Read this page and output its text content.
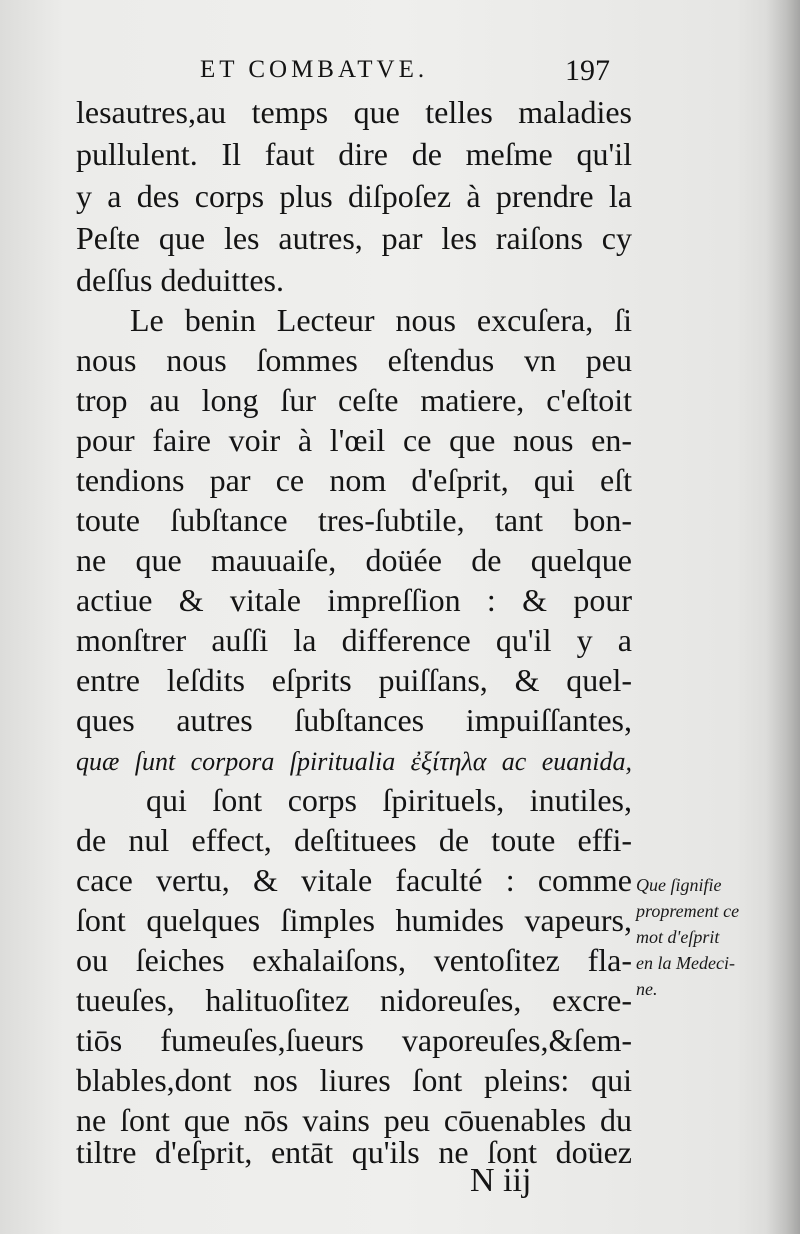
ET COMBATVE.	197
lesautres,au temps que telles maladies
pullulent. Il faut dire de meſme qu'il
y a des corps plus diſpoſez à prendre la
Peſte que les autres, par les raiſons cy
deſſus deduittes.
Le benin Lecteur nous excuſera, ſi
nous nous ſommes eſtendus vn peu
trop au long ſur ceſte matiere, c'eſtoit
pour faire voir à l'œil ce que nous en-
tendions par ce nom d'eſprit, qui eſt
toute ſubſtance tres-ſubtile, tant bon-
ne que mauuaiſe, doüée de quelque
actiue & vitale impreſſion : & pour
monſtrer auſſi la difference qu'il y a
entre leſdits eſprits puiſſans, & quel-
ques autres ſubſtances impuiſſantes,
quæ ſunt corpora ſpiritualia ἐξίτηλα ac euanida,
qui ſont corps ſpirituels, inutiles,
de nul effect, deſtituees de toute effi-
cace vertu, & vitale faculté : comme
ſont quelques ſimples humides vapeurs,
ou ſeiches exhalaiſons, ventoſitez fla-
tueuſes, halituoſitez nidoreuſes, excre-
tiōs fumeuſes,ſueurs vaporeuſes,&ſem-
blables,dont nos liures ſont pleins: qui
ne ſont que nōs vains peu cōuenables du
tiltre d'eſprit, entāt qu'ils ne ſont doüez
Que ſignifie
proprement ce
mot d'eſprit
en la Medeci-
ne.
N iij
